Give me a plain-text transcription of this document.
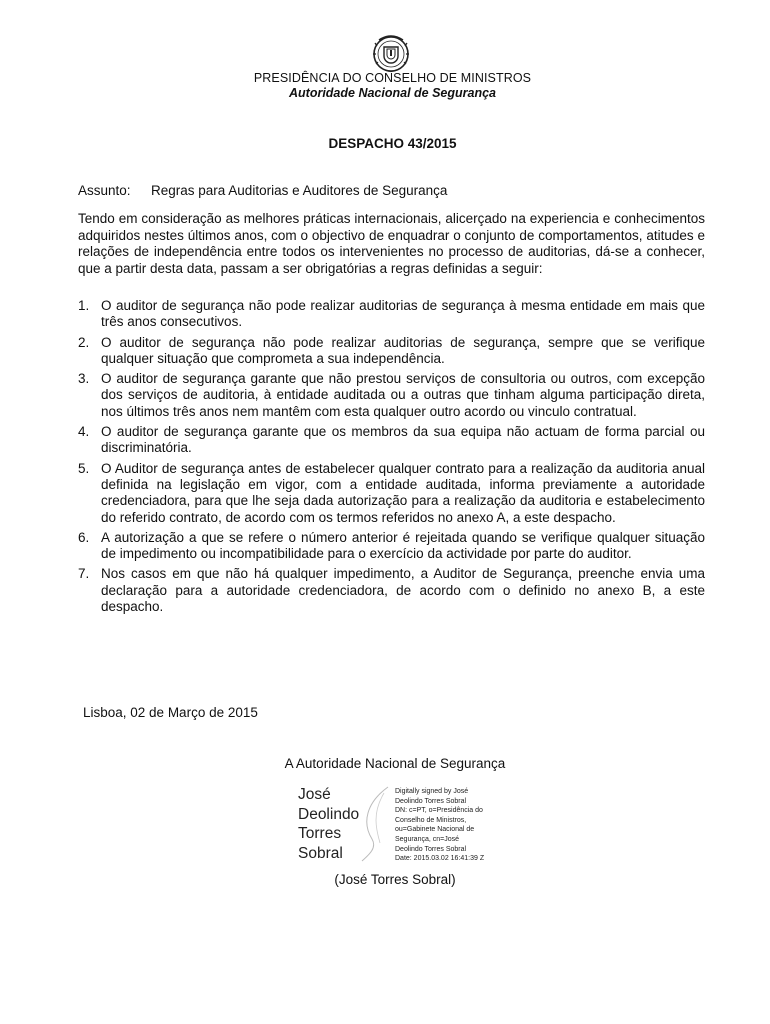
PRESIDÊNCIA DO CONSELHO DE MINISTROS
Autoridade Nacional de Segurança
DESPACHO 43/2015
Assunto: Regras para Auditorias e Auditores de Segurança

Tendo em consideração as melhores práticas internacionais, alicerçado na experiencia e conhecimentos adquiridos nestes últimos anos, com o objectivo de enquadrar o conjunto de comportamentos, atitudes e relações de independência entre todos os intervenientes no processo de auditorias, dá-se a conhecer, que a partir desta data, passam a ser obrigatórias a regras definidas a seguir:

1. O auditor de segurança não pode realizar auditorias de segurança à mesma entidade em mais que três anos consecutivos.
2. O auditor de segurança não pode realizar auditorias de segurança, sempre que se verifique qualquer situação que comprometa a sua independência.
3. O auditor de segurança garante que não prestou serviços de consultoria ou outros, com excepção dos serviços de auditoria, à entidade auditada ou a outras que tinham alguma participação direta, nos últimos três anos nem mantêm com esta qualquer outro acordo ou vinculo contratual.
4. O auditor de segurança garante que os membros da sua equipa não actuam de forma parcial ou discriminatória.
5. O Auditor de segurança antes de estabelecer qualquer contrato para a realização da auditoria anual definida na legislação em vigor, com a entidade auditada, informa previamente a autoridade credenciadora, para que lhe seja dada autorização para a realização da auditoria e estabelecimento do referido contrato, de acordo com os termos referidos no anexo A, a este despacho.
6. A autorização a que se refere o número anterior é rejeitada quando se verifique qualquer situação de impedimento ou incompatibilidade para o exercício da actividade por parte do auditor.
7. Nos casos em que não há qualquer impedimento, a Auditor de Segurança, preenche envia uma declaração para a autoridade credenciadora, de acordo com o definido no anexo B, a este despacho.
Lisboa, 02 de Março de 2015
A Autoridade Nacional de Segurança
José
Deolindo
Torres
Sobral
Digitally signed by José
Deolindo Torres Sobral
DN: c=PT, o=Presidência do
Conselho de Ministros,
ou=Gabinete Nacional de
Segurança, cn=José
Deolindo Torres Sobral
Date: 2015.03.02 16:41:39 Z
(José Torres Sobral)
